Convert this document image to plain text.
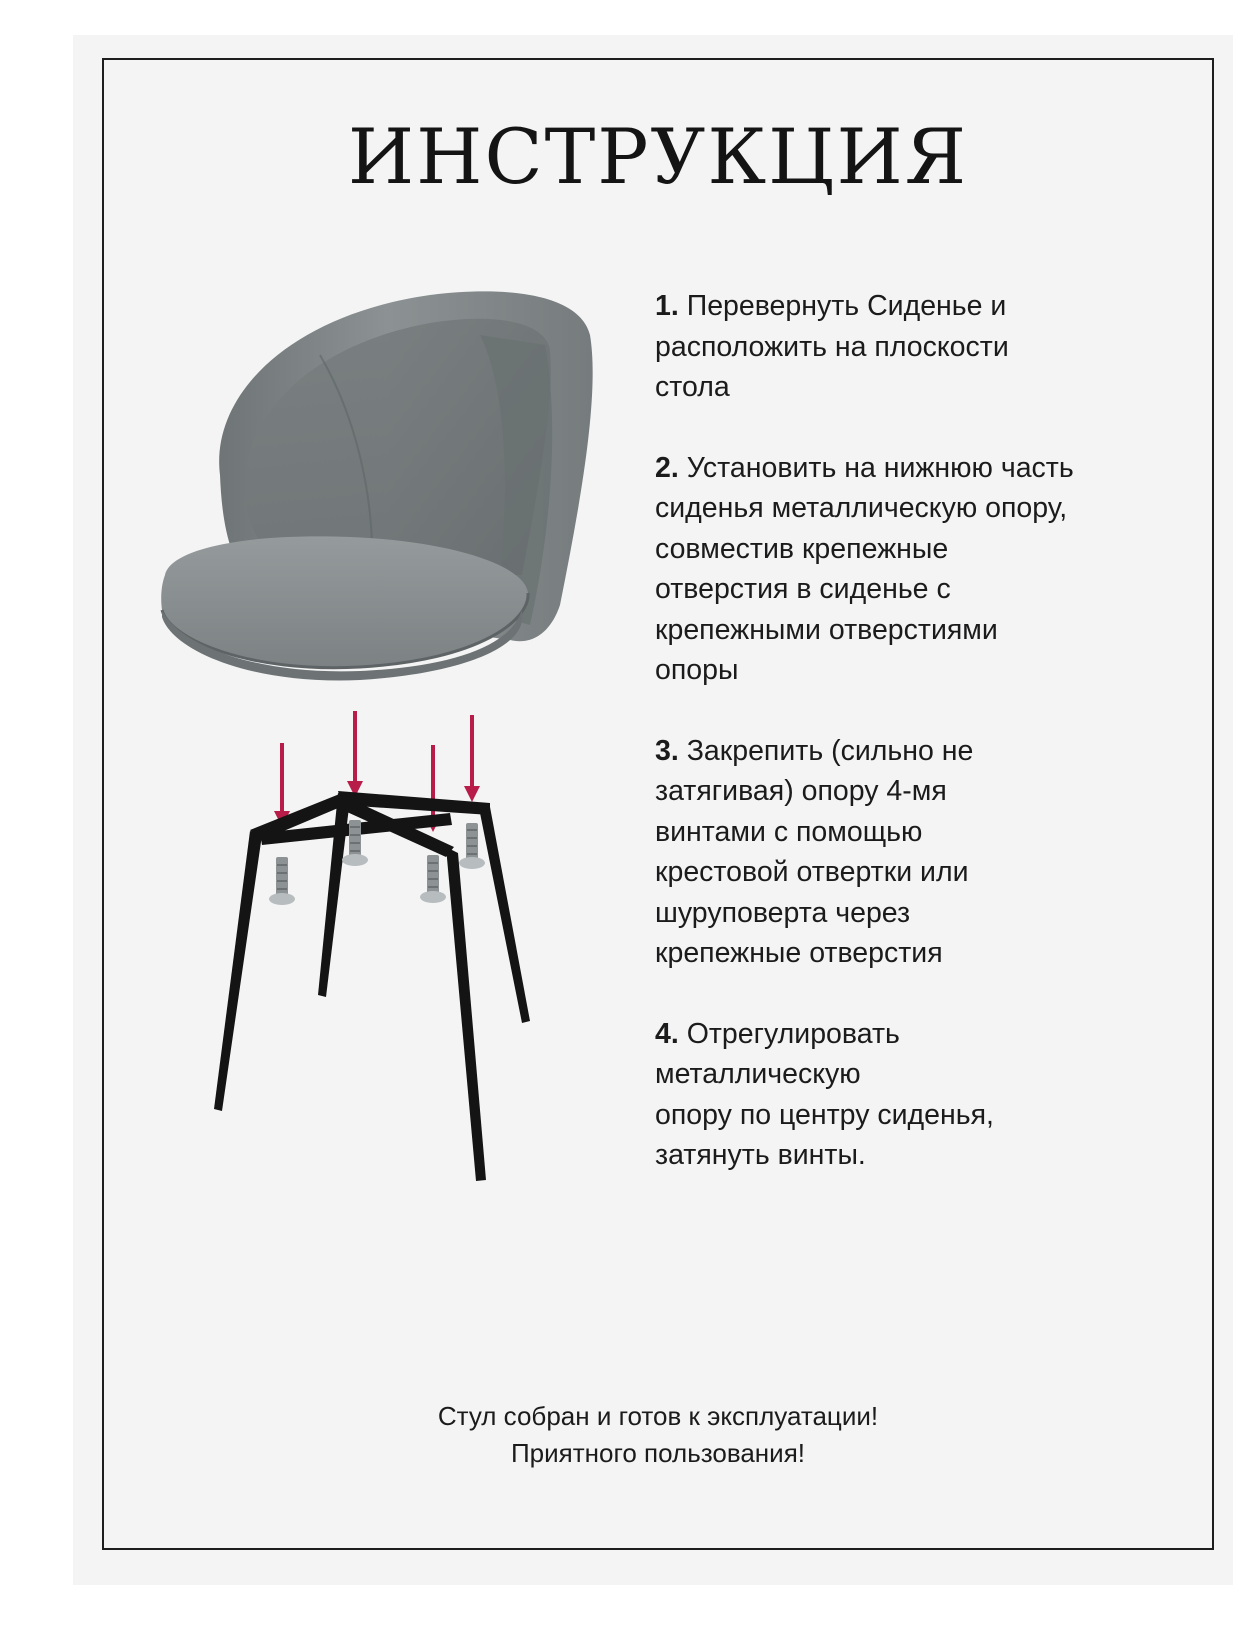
ИНСТРУКЦИЯ
1. Перевернуть Сиденье и
расположить на плоскости
стола
2. Установить на нижнюю часть
сиденья металлическую опору,
совместив крепежные
отверстия в сиденье с
крепежными отверстиями
опоры
3. Закрепить (сильно не
затягивая) опору 4-мя
винтами с помощью
крестовой отвертки или
шуруповерта через
крепежные отверстия
4. Отрегулировать
металлическую
опору по центру сиденья,
затянуть винты.
Стул собран и готов к эксплуатации!
Приятного пользования!
